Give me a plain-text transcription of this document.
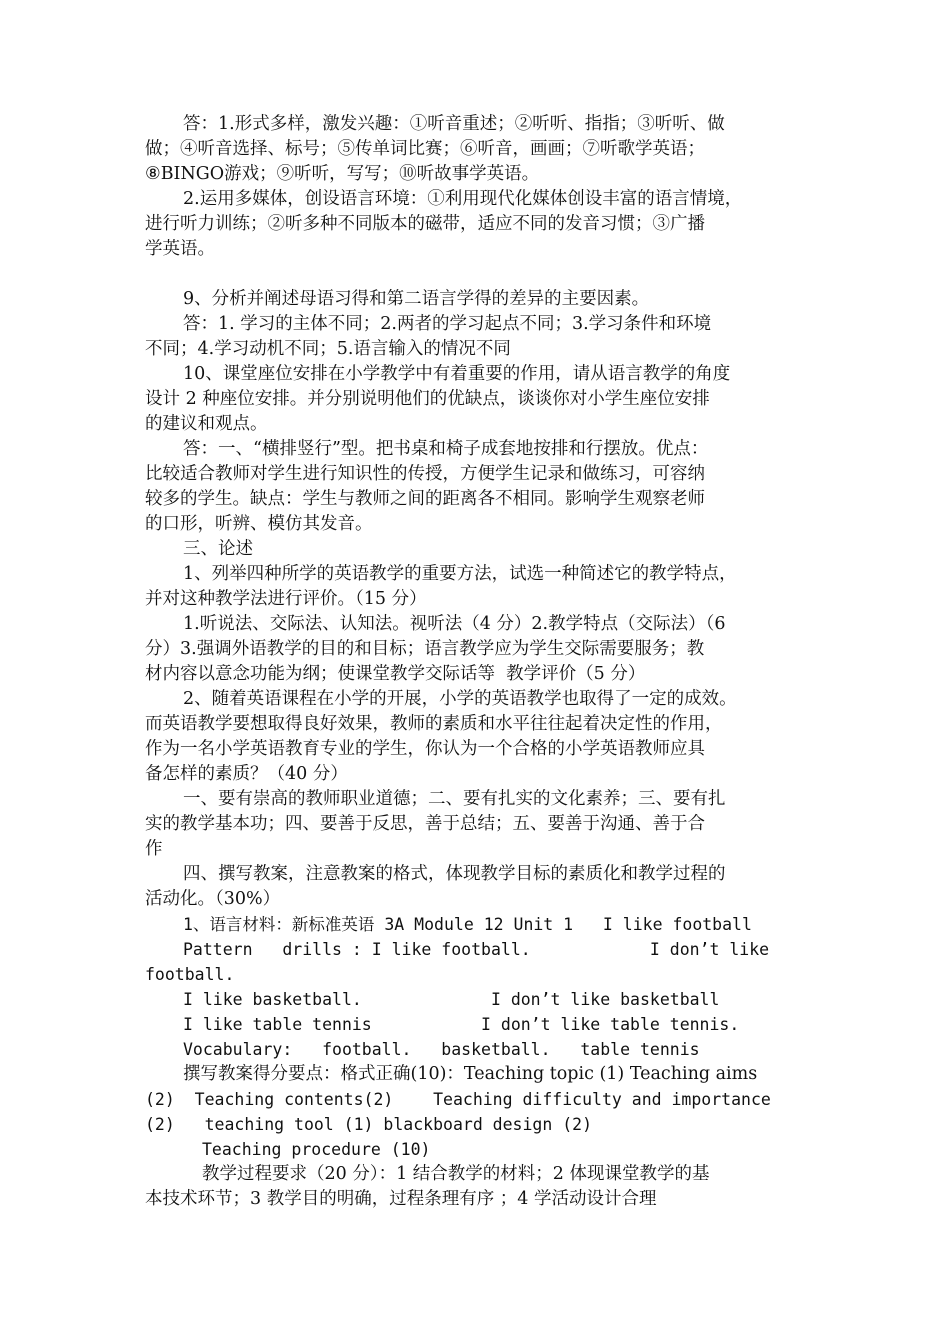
答：1.形式多样，激发兴趣：①听音重述；②听听、指指；③听听、做
做；④听音选择、标号；⑤传单词比赛；⑥听音，画画；⑦听歌学英语；
⑧BINGO游戏；⑨听听，写写；⑩听故事学英语。
2.运用多媒体，创设语言环境：①利用现代化媒体创设丰富的语言情境，
进行听力训练；②听多种不同版本的磁带，适应不同的发音习惯；③广播
学英语。
9、分析并阐述母语习得和第二语言学得的差异的主要因素。
答：1. 学习的主体不同；2.两者的学习起点不同；3.学习条件和环境
不同；4.学习动机不同；5.语言输入的情况不同
10、课堂座位安排在小学教学中有着重要的作用，请从语言教学的角度
设计 2 种座位安排。并分别说明他们的优缺点，谈谈你对小学生座位安排
的建议和观点。
答：一、“横排竖行”型。把书桌和椅子成套地按排和行摆放。优点：
比较适合教师对学生进行知识性的传授，方便学生记录和做练习，可容纳
较多的学生。缺点：学生与教师之间的距离各不相同。影响学生观察老师
的口形，听辨、模仿其发音。
三、论述
1、列举四种所学的英语教学的重要方法，试选一种简述它的教学特点，
并对这种教学法进行评价。（15 分）
1.听说法、交际法、认知法。视听法（4 分）2.教学特点（交际法）（6
分）3.强调外语教学的目的和目标；语言教学应为学生交际需要服务；教
材内容以意念功能为纲；使课堂教学交际话等  教学评价（5 分）
2、随着英语课程在小学的开展，小学的英语教学也取得了一定的成效。
而英语教学要想取得良好效果，教师的素质和水平往往起着决定性的作用，
作为一名小学英语教育专业的学生，你认为一个合格的小学英语教师应具
备怎样的素质？（40 分）
一、要有崇高的教师职业道德；二、要有扎实的文化素养；三、要有扎
实的教学基本功；四、要善于反思，善于总结；五、要善于沟通、善于合
作
四、撰写教案，注意教案的格式，体现教学目标的素质化和教学过程的
活动化。（30%）
1、语言材料：新标准英语 3A Module 12 Unit 1   I like football
Pattern   drills : I like football.            I don’t like
football.
I like basketball.             I don’t like basketball
I like table tennis           I don’t like table tennis.
Vocabulary:   football.   basketball.   table tennis
撰写教案得分要点：格式正确(10)：Teaching topic (1) Teaching aims
(2)  Teaching contents(2)    Teaching difficulty and importance
(2)   teaching tool (1) blackboard design (2)
Teaching procedure (10)
教学过程要求（20 分）：1 结合教学的材料；2 体现课堂教学的基
本技术环节；3 教学目的明确，过程条理有序 ；4 学活动设计合理
